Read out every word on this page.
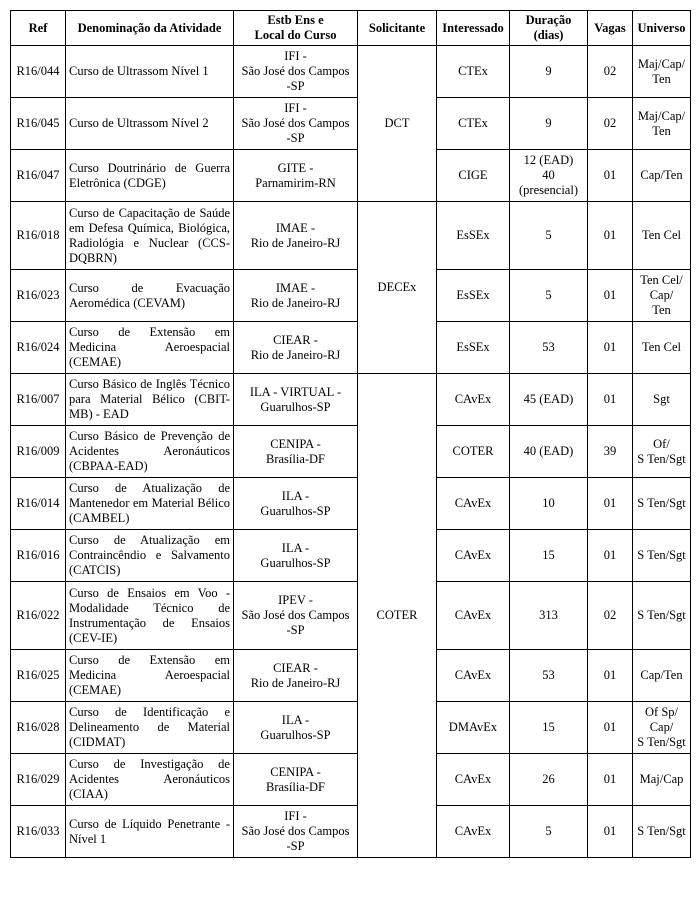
Ref	Denominação da Atividade	Estb Ens e
Local do Curso	Solicitante	Interessado	Duração
(dias)	Vagas	Universo
R16/044	Curso de Ultrassom Nível 1	IFI -
São José dos Campos
-SP	DCT	CTEx	9	02	Maj/Cap/
Ten
R16/045	Curso de Ultrassom Nível 2	IFI -
São José dos Campos
-SP		CTEx	9	02	Maj/Cap/
Ten
R16/047	Curso Doutrinário de Guerra Eletrônica (CDGE)	GITE -
Parnamirim-RN		CIGE	12 (EAD)
40
(presencial)	01	Cap/Ten
R16/018	Curso de Capacitação de Saúde em Defesa Química, Biológica, Radiológia e Nuclear (CCS-DQBRN)	IMAE -
Rio de Janeiro-RJ	DECEx	EsSEx	5	01	Ten Cel
R16/023	Curso de Evacuação Aeromédica (CEVAM)	IMAE -
Rio de Janeiro-RJ		EsSEx	5	01	Ten Cel/
Cap/
Ten
R16/024	Curso de Extensão em Medicina Aeroespacial (CEMAE)	CIEAR -
Rio de Janeiro-RJ		EsSEx	53	01	Ten Cel
R16/007	Curso Básico de Inglês Técnico para Material Bélico (CBIT-MB) - EAD	ILA - VIRTUAL -
Guarulhos-SP	COTER	CAvEx	45 (EAD)	01	Sgt
R16/009	Curso Básico de Prevenção de Acidentes Aeronáuticos (CBPAA-EAD)	CENIPA -
Brasília-DF		COTER	40 (EAD)	39	Of/
S Ten/Sgt
R16/014	Curso de Atualização de Mantenedor em Material Bélico (CAMBEL)	ILA -
Guarulhos-SP		CAvEx	10	01	S Ten/Sgt
R16/016	Curso de Atualização em Contraincêndio e Salvamento (CATCIS)	ILA -
Guarulhos-SP		CAvEx	15	01	S Ten/Sgt
R16/022	Curso de Ensaios em Voo - Modalidade Técnico de Instrumentação de Ensaios (CEV-IE)	IPEV -
São José dos Campos
-SP		CAvEx	313	02	S Ten/Sgt
R16/025	Curso de Extensão em Medicina Aeroespacial (CEMAE)	CIEAR -
Rio de Janeiro-RJ		CAvEx	53	01	Cap/Ten
R16/028	Curso de Identificação e Delineamento de Material (CIDMAT)	ILA -
Guarulhos-SP		DMAvEx	15	01	Of Sp/
Cap/
S Ten/Sgt
R16/029	Curso de Investigação de Acidentes Aeronáuticos (CIAA)	CENIPA -
Brasília-DF		CAvEx	26	01	Maj/Cap
R16/033	Curso de Líquido Penetrante - Nível 1	IFI -
São José dos Campos
-SP		CAvEx	5	01	S Ten/Sgt
